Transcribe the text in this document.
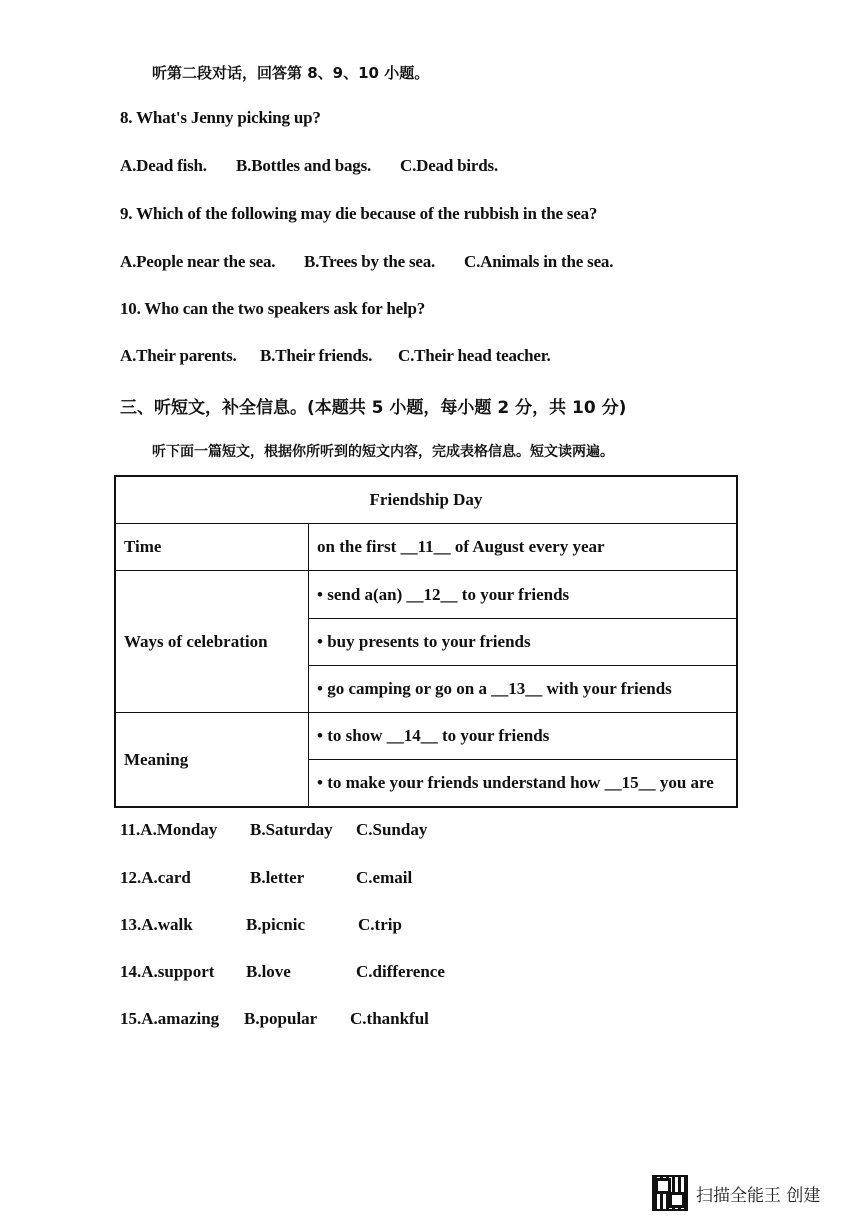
听第二段对话，回答第 8、9、10 小题。
8. What's Jenny picking up?
A.Dead fish. B.Bottles and bags. C.Dead birds.
9. Which of the following may die because of the rubbish in the sea?
A.People near the sea. B.Trees by the sea. C.Animals in the sea.
10. Who can the two speakers ask for help?
A.Their parents. B.Their friends. C.Their head teacher.
三、听短文，补全信息。(本题共 5 小题，每小题 2 分，共 10 分)
听下面一篇短文，根据你所听到的短文内容，完成表格信息。短文读两遍。
Friendship Day	
Time	on the first __11__ of August every year
Ways of celebration	• send a(an) __12__ to your friends
	• buy presents to your friends
	• go camping or go on a __13__ with your friends
Meaning	• to show __14__ to your friends
	• to make your friends understand how __15__ you are
11.A.Monday B.Saturday C.Sunday
12.A.card	B.letter	C.email
13.A.walk	B.picnic	C.trip
14.A.support B.love	C.difference
15.A.amazing B.popular C.thankful
扫描全能王 创建
